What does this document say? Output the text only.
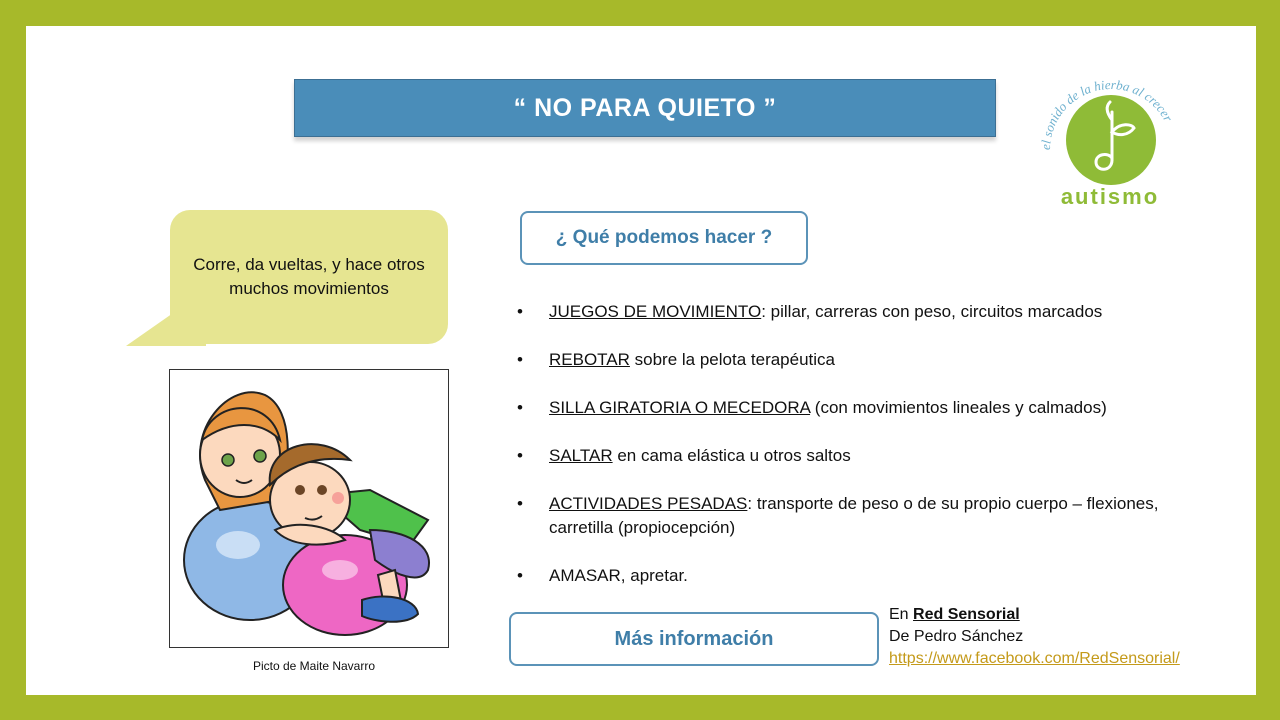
“ NO PARA QUIETO ”
el sonido de la hierba al crecer
autismo
Corre, da vueltas, y hace otros muchos movimientos
Picto de Maite Navarro
¿ Qué podemos hacer ?
• JUEGOS DE MOVIMIENTO: pillar, carreras con peso, circuitos marcados
• REBOTAR sobre la pelota terapéutica
• SILLA GIRATORIA O MECEDORA (con movimientos lineales y calmados)
• SALTAR en cama elástica u otros saltos
• ACTIVIDADES PESADAS: transporte de peso o de su propio cuerpo – flexiones, carretilla (propiocepción)
• AMASAR, apretar.
Más información
En Red Sensorial
De Pedro Sánchez
https://www.facebook.com/RedSensorial/
